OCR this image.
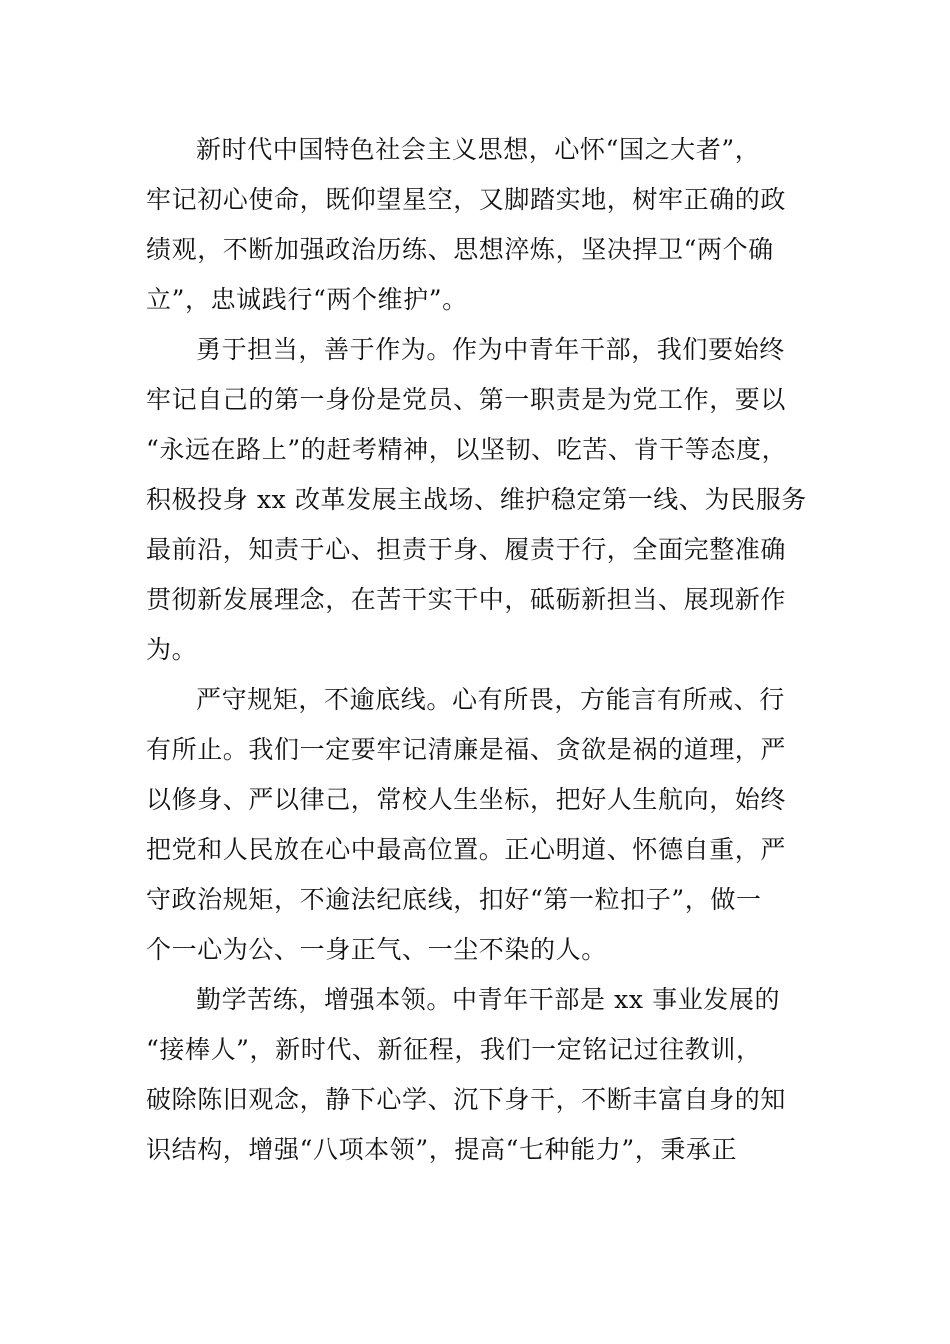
新时代中国特色社会主义思想，心怀“国之大者”，
牢记初心使命，既仰望星空，又脚踏实地，树牢正确的政
绩观，不断加强政治历练、思想淬炼，坚决捍卫“两个确
立”，忠诚践行“两个维护”。
勇于担当，善于作为。作为中青年干部，我们要始终
牢记自己的第一身份是党员、第一职责是为党工作，要以
“永远在路上”的赶考精神，以坚韧、吃苦、肯干等态度，
积极投身 xx 改革发展主战场、维护稳定第一线、为民服务
最前沿，知责于心、担责于身、履责于行，全面完整准确
贯彻新发展理念，在苦干实干中，砥砺新担当、展现新作
为。
严守规矩，不逾底线。心有所畏，方能言有所戒、行
有所止。我们一定要牢记清廉是福、贪欲是祸的道理，严
以修身、严以律己，常校人生坐标，把好人生航向，始终
把党和人民放在心中最高位置。正心明道、怀德自重，严
守政治规矩，不逾法纪底线，扣好“第一粒扣子”，做一
个一心为公、一身正气、一尘不染的人。
勤学苦练，增强本领。中青年干部是 xx 事业发展的
“接棒人”，新时代、新征程，我们一定铭记过往教训，
破除陈旧观念，静下心学、沉下身干，不断丰富自身的知
识结构，增强“八项本领”，提高“七种能力”，秉承正
